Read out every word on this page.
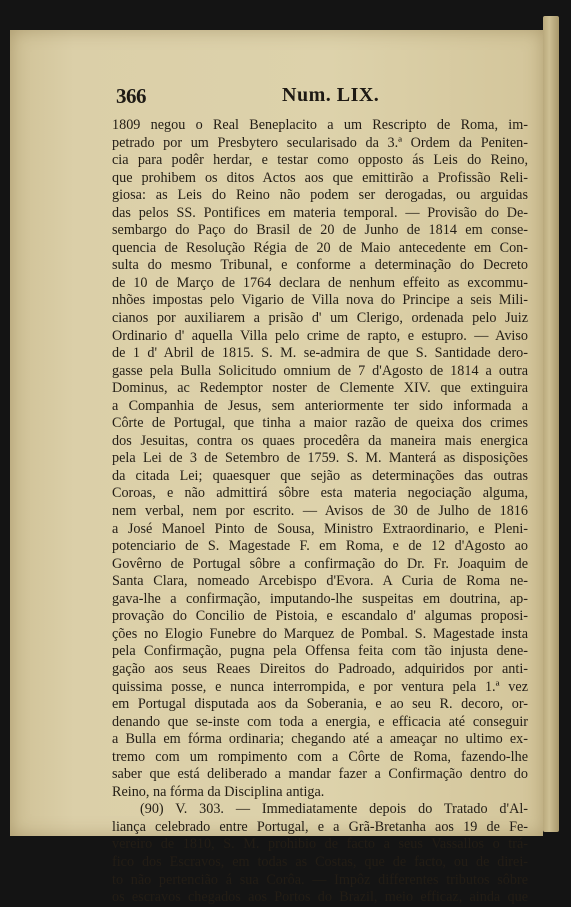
366	Num. LIX.
1809 negou o Real Beneplacito a um Rescripto de Roma, im-
petrado por um Presbytero secularisado da 3.ª Ordem da Peniten-
cia para podêr herdar, e testar como opposto ás Leis do Reino,
que prohibem os ditos Actos aos que emittirão a Profissão Reli-
giosa: as Leis do Reino não podem ser derogadas, ou arguidas
das pelos SS. Pontifices em materia temporal. — Provisão do De-
sembargo do Paço do Brasil de 20 de Junho de 1814 em conse-
quencia de Resolução Régia de 20 de Maio antecedente em Con-
sulta do mesmo Tribunal, e conforme a determinação do Decreto
de 10 de Março de 1764 declara de nenhum effeito as excommu-
nhões impostas pelo Vigario de Villa nova do Principe a seis Mili-
cianos por auxiliarem a prisão d' um Clerigo, ordenada pelo Juiz
Ordinario d' aquella Villa pelo crime de rapto, e estupro. — Aviso
de 1 d' Abril de 1815. S. M. se-admira de que S. Santidade dero-
gasse pela Bulla Solicitudo omnium de 7 d'Agosto de 1814 a outra
Dominus, ac Redemptor noster de Clemente XIV. que extinguira
a Companhia de Jesus, sem anteriormente ter sido informada a
Côrte de Portugal, que tinha a maior razão de queixa dos crimes
dos Jesuitas, contra os quaes procedêra da maneira mais energica
pela Lei de 3 de Setembro de 1759. S. M. Manterá as disposições
da citada Lei; quaesquer que sejão as determinações das outras
Coroas, e não admittirá sôbre esta materia negociação alguma,
nem verbal, nem por escrito. — Avisos de 30 de Julho de 1816
a José Manoel Pinto de Sousa, Ministro Extraordinario, e Pleni-
potenciario de S. Magestade F. em Roma, e de 12 d'Agosto ao
Govêrno de Portugal sôbre a confirmação do Dr. Fr. Joaquim de
Santa Clara, nomeado Arcebispo d'Evora. A Curia de Roma ne-
gava-lhe a confirmação, imputando-lhe suspeitas em doutrina, ap-
provação do Concilio de Pistoia, e escandalo d' algumas proposi-
ções no Elogio Funebre do Marquez de Pombal. S. Magestade insta
pela Confirmação, pugna pela Offensa feita com tão injusta dene-
gação aos seus Reaes Direitos do Padroado, adquiridos por anti-
quissima posse, e nunca interrompida, e por ventura pela 1.ª vez
em Portugal disputada aos da Soberania, e ao seu R. decoro, or-
denando que se-inste com toda a energia, e efficacia até conseguir
a Bulla em fórma ordinaria; chegando até a ameaçar no ultimo ex-
tremo com um rompimento com a Côrte de Roma, fazendo-lhe
saber que está deliberado a mandar fazer a Confirmação dentro do
Reino, na fórma da Disciplina antiga.
(90) V. 303. — Immediatamente depois do Tratado d'Al-
liança celebrado entre Portugal, e a Grã-Bretanha aos 19 de Fe-
vereiro de 1810, S. M. prohibio de facto a seus Vassallos o trá-
fico dos Escravos, em todas as Costas, que de facto, ou de direi-
to não pertencião á sua Corôa. — Impôz differentes tributos sôbre
os escravos chegados aos Portos do Brazil, meio efficaz, ainda que
